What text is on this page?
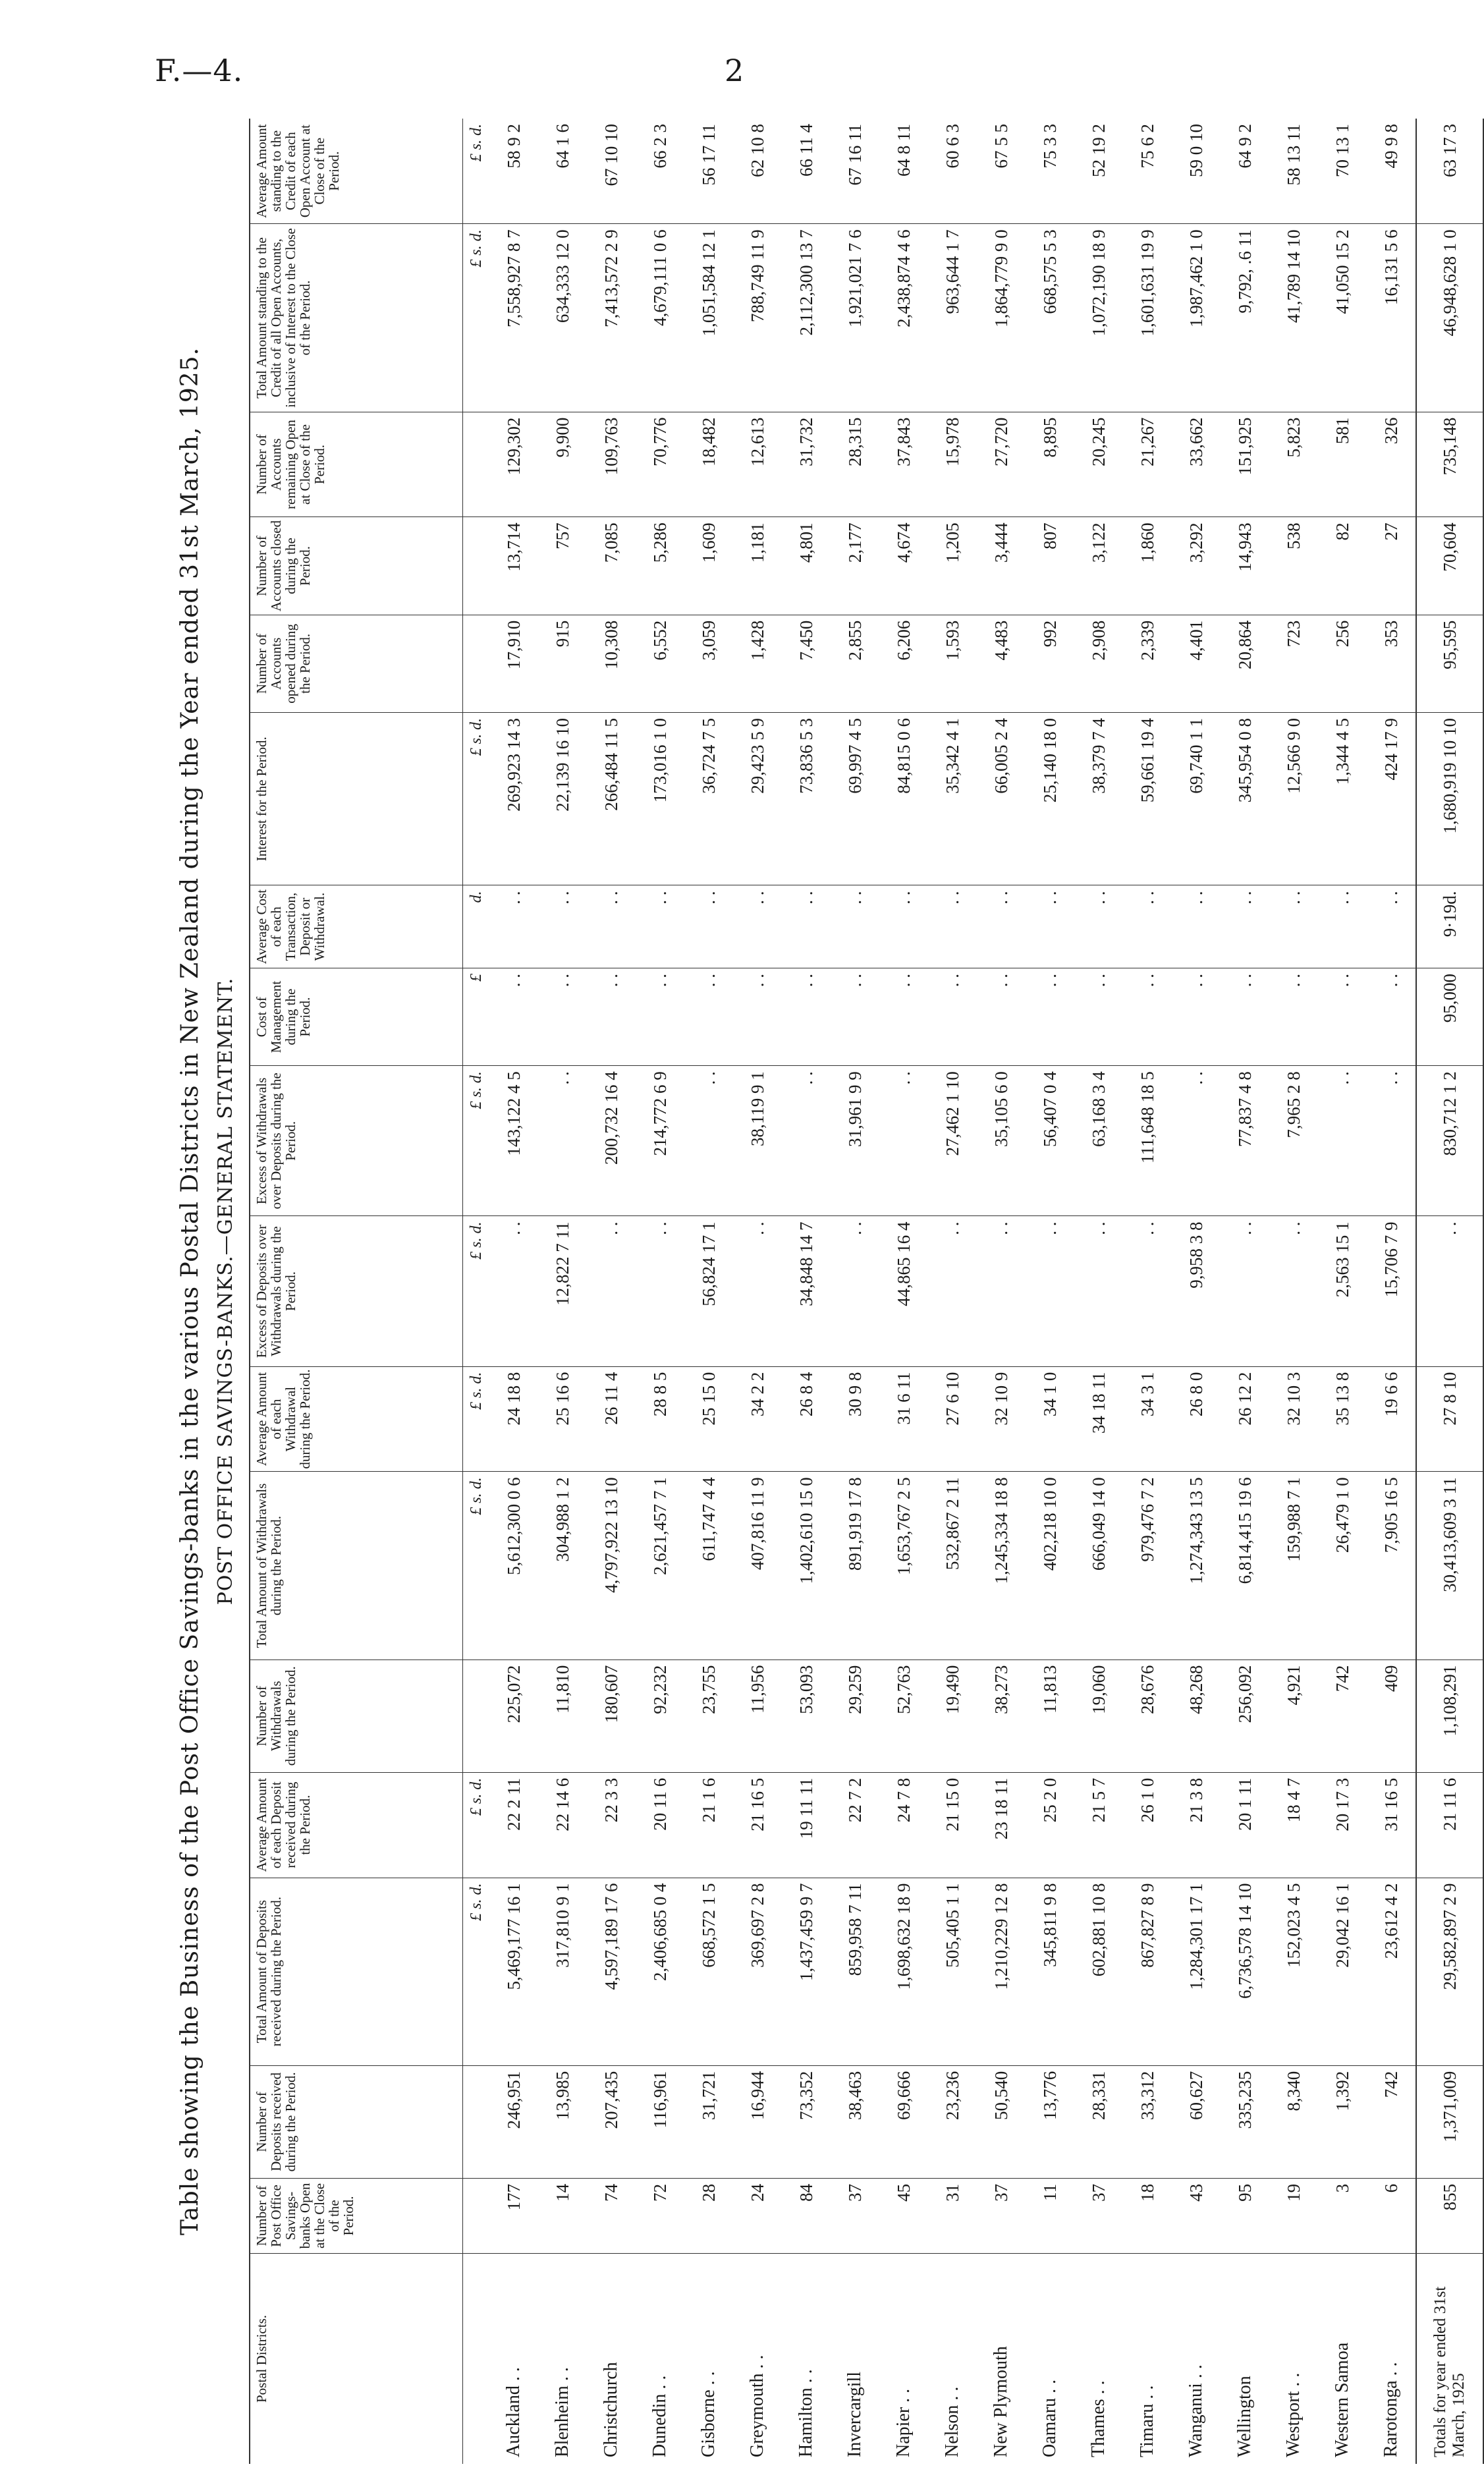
F.—4.	2
Table showing the Business of the Post Office Savings-banks in the various Postal Districts in New Zealand during the Year ended 31st March, 1925. POST OFFICE SAVINGS-BANKS.—GENERAL STATEMENT.
Postal Districts.	Number of Post Office Savings-banks Open at the Close of the Period.	Number of Deposits received during the Period.	Total Amount of Deposits received during the Period.	Average Amount of each Deposit received during the Period.	Number of Withdrawals during the Period.	Total Amount of Withdrawals during the Period.	Average Amount of each Withdrawal during the Period.	Excess of Deposits over Withdrawals during the Period.	Excess of Withdrawals over Deposits during the Period.	Cost of Management during the Period.	Average Cost of each Transaction, Deposit or Withdrawal.	Interest for the Period.	Number of Accounts opened during the Period.	Number of Accounts closed during the Period.	Number of Accounts remaining Open at Close of the Period.	Total Amount standing to the Credit of all Open Accounts, inclusive of Interest to the Close of the Period.	Average Amount standing to the Credit of each Open Account at Close of the Period.
			£ s. d.	£ s. d.		£ s. d.	£ s. d.	£ s. d.	£ s. d.	£	d.	£ s. d.				£ s. d.	£ s. d.
Auckland . .	177	246,951	5,469,177 16 1	22 2 11	225,072	5,612,300 0 6	24 18 8	. .	143,122 4 5	. .	. .	269,923 14 3	17,910	13,714	129,302	7,558,927 8 7	58 9 2
Blenheim . .	14	13,985	317,810 9 1	22 14 6	11,810	304,988 1 2	25 16 6	12,822 7 11	. .	. .	. .	22,139 16 10	915	757	9,900	634,333 12 0	64 1 6
Christchurch	74	207,435	4,597,189 17 6	22 3 3	180,607	4,797,922 13 10	26 11 4	. .	200,732 16 4	. .	. .	266,484 11 5	10,308	7,085	109,763	7,413,572 2 9	67 10 10
Dunedin . .	72	116,961	2,406,685 0 4	20 11 6	92,232	2,621,457 7 1	28 8 5	. .	214,772 6 9	. .	. .	173,016 1 0	6,552	5,286	70,776	4,679,111 0 6	66 2 3
Gisborne . .	28	31,721	668,572 1 5	21 1 6	23,755	611,747 4 4	25 15 0	56,824 17 1	. .	. .	. .	36,724 7 5	3,059	1,609	18,482	1,051,584 12 1	56 17 11
Greymouth . .	24	16,944	369,697 2 8	21 16 5	11,956	407,816 11 9	34 2 2	. .	38,119 9 1	. .	. .	29,423 5 9	1,428	1,181	12,613	788,749 11 9	62 10 8
Hamilton . .	84	73,352	1,437,459 9 7	19 11 11	53,093	1,402,610 15 0	26 8 4	34,848 14 7	. .	. .	. .	73,836 5 3	7,450	4,801	31,732	2,112,300 13 7	66 11 4
Invercargill	37	38,463	859,958 7 11	22 7 2	29,259	891,919 17 8	30 9 8	. .	31,961 9 9	. .	. .	69,997 4 5	2,855	2,177	28,315	1,921,021 7 6	67 16 11
Napier . .	45	69,666	1,698,632 18 9	24 7 8	52,763	1,653,767 2 5	31 6 11	44,865 16 4	. .	. .	. .	84,815 0 6	6,206	4,674	37,843	2,438,874 4 6	64 8 11
Nelson . .	31	23,236	505,405 1 1	21 15 0	19,490	532,867 2 11	27 6 10	. .	27,462 1 10	. .	. .	35,342 4 1	1,593	1,205	15,978	963,644 1 7	60 6 3
New Plymouth	37	50,540	1,210,229 12 8	23 18 11	38,273	1,245,334 18 8	32 10 9	. .	35,105 6 0	. .	. .	66,005 2 4	4,483	3,444	27,720	1,864,779 9 0	67 5 5
Oamaru . .	11	13,776	345,811 9 8	25 2 0	11,813	402,218 10 0	34 1 0	. .	56,407 0 4	. .	. .	25,140 18 0	992	807	8,895	668,575 5 3	75 3 3
Thames . .	37	28,331	602,881 10 8	21 5 7	19,060	666,049 14 0	34 18 11	. .	63,168 3 4	. .	. .	38,379 7 4	2,908	3,122	20,245	1,072,190 18 9	52 19 2
Timaru . .	18	33,312	867,827 8 9	26 1 0	28,676	979,476 7 2	34 3 1	. .	111,648 18 5	. .	. .	59,661 19 4	2,339	1,860	21,267	1,601,631 19 9	75 6 2
Wanganui . .	43	60,627	1,284,301 17 1	21 3 8	48,268	1,274,343 13 5	26 8 0	9,958 3 8	. .	. .	. .	69,740 1 1	4,401	3,292	33,662	1,987,462 1 0	59 0 10
Wellington	95	335,235	6,736,578 14 10	20 1 11	256,092	6,814,415 19 6	26 12 2	. .	77,837 4 8	. .	. .	345,954 0 8	20,864	14,943	151,925	9,792, .6 11	64 9 2
Westport . .	19	8,340	152,023 4 5	18 4 7	4,921	159,988 7 1	32 10 3	. .	7,965 2 8	. .	. .	12,566 9 0	723	538	5,823	41,789 14 10	58 13 11
Western Samoa	3	1,392	29,042 16 1	20 17 3	742	26,479 1 0	35 13 8	2,563 15 1	. .	. .	. .	1,344 4 5	256	82	581	41,050 15 2	70 13 1
Rarotonga . .	6	742	23,612 4 2	31 16 5	409	7,905 16 5	19 6 6	15,706 7 9	. .	. .	. .	424 17 9	353	27	326	16,131 5 6	49 9 8
Totals for year ended 31st March, 1925	855	1,371,009	29,582,897 2 9	21 11 6	1,108,291	30,413,609 3 11	27 8 10	. .	830,712 1 2	95,000	9·19d.	1,680,919 10 10	95,595	70,604	735,148	46,948,628 1 0	63 17 3
